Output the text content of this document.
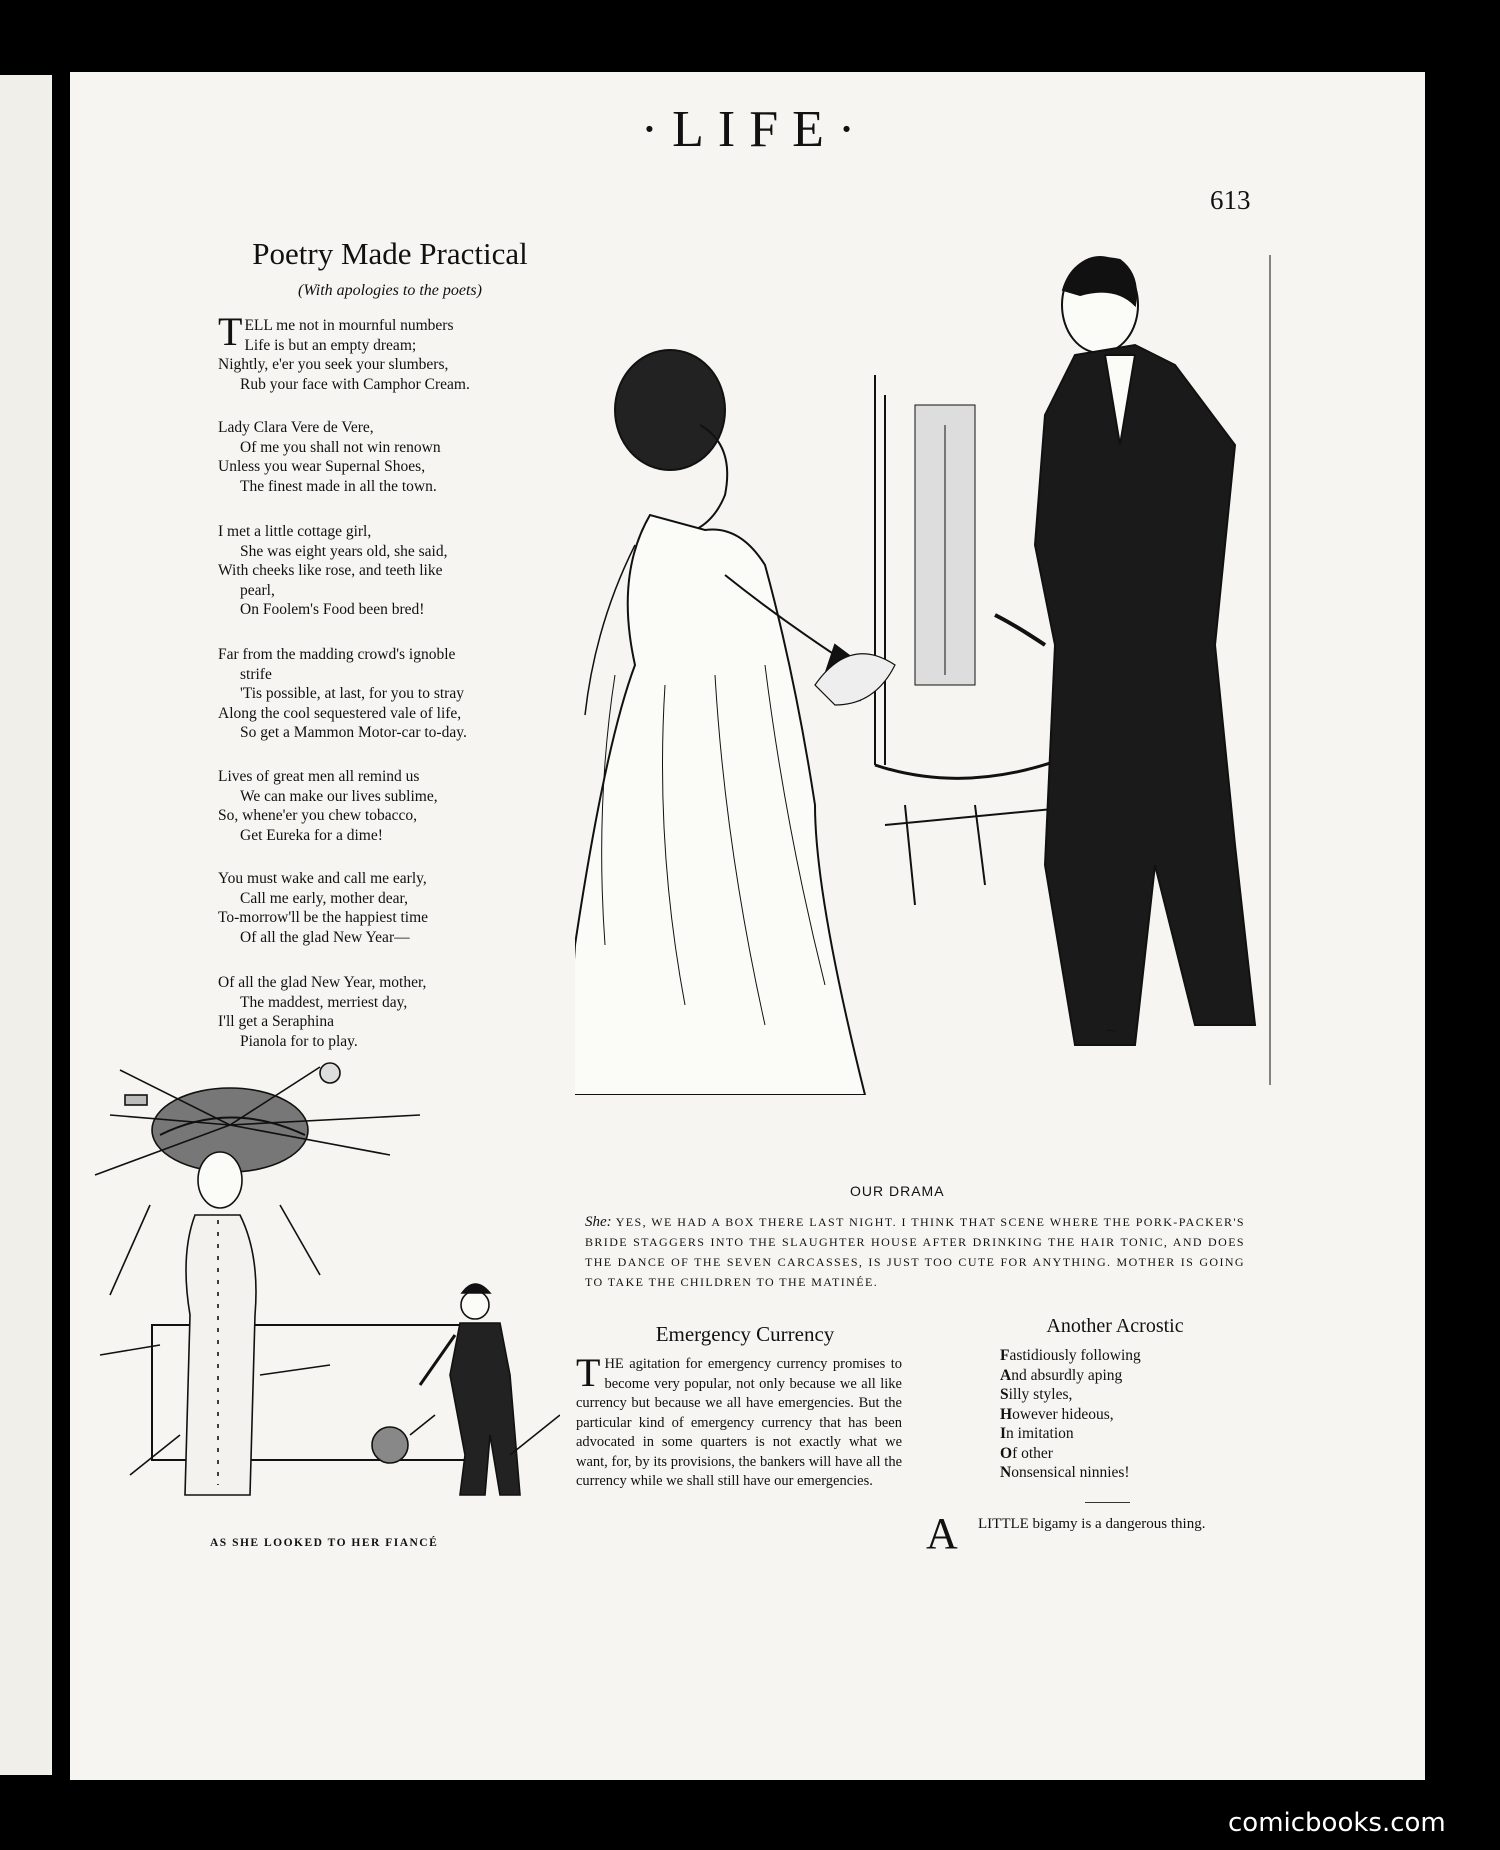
·LIFE·
613
Poetry Made Practical
(With apologies to the poets)
TELL me not in mournful numbers
Life is but an empty dream;
Nightly, e'er you seek your slumbers,
Rub your face with Camphor Cream.
Lady Clara Vere de Vere,
Of me you shall not win renown
Unless you wear Supernal Shoes,
The finest made in all the town.
I met a little cottage girl,
She was eight years old, she said,
With cheeks like rose, and teeth like
pearl,
On Foolem's Food been bred!
Far from the madding crowd's ignoble
strife
'Tis possible, at last, for you to stray
Along the cool sequestered vale of life,
So get a Mammon Motor-car to-day.
Lives of great men all remind us
We can make our lives sublime,
So, whene'er you chew tobacco,
Get Eureka for a dime!
You must wake and call me early,
Call me early, mother dear,
To-morrow'll be the happiest time
Of all the glad New Year—
Of all the glad New Year, mother,
The maddest, merriest day,
I'll get a Seraphina
Pianola for to play.
~
AS SHE LOOKED TO HER FIANCÉ
OUR DRAMA
She: YES, WE HAD A BOX THERE LAST NIGHT. I THINK THAT SCENE WHERE THE PORK-PACKER'S BRIDE STAGGERS INTO THE SLAUGHTER HOUSE AFTER DRINKING THE HAIR TONIC, AND DOES THE DANCE OF THE SEVEN CARCASSES, IS JUST TOO CUTE FOR ANYTHING. MOTHER IS GOING TO TAKE THE CHILDREN TO THE MATINÉE.
Emergency Currency
THE agitation for emergency currency promises to become very popular, not only because we all like currency but because we all have emergencies. But the particular kind of emergency currency that has been advocated in some quarters is not exactly what we want, for, by its provisions, the bankers will have all the currency while we shall still have our emergencies.
Another Acrostic
Fastidiously following
And absurdly aping
Silly styles,
However hideous,
In imitation
Of other
Nonsensical ninnies!
A	LITTLE bigamy is a dangerous thing.
comicbooks.com
